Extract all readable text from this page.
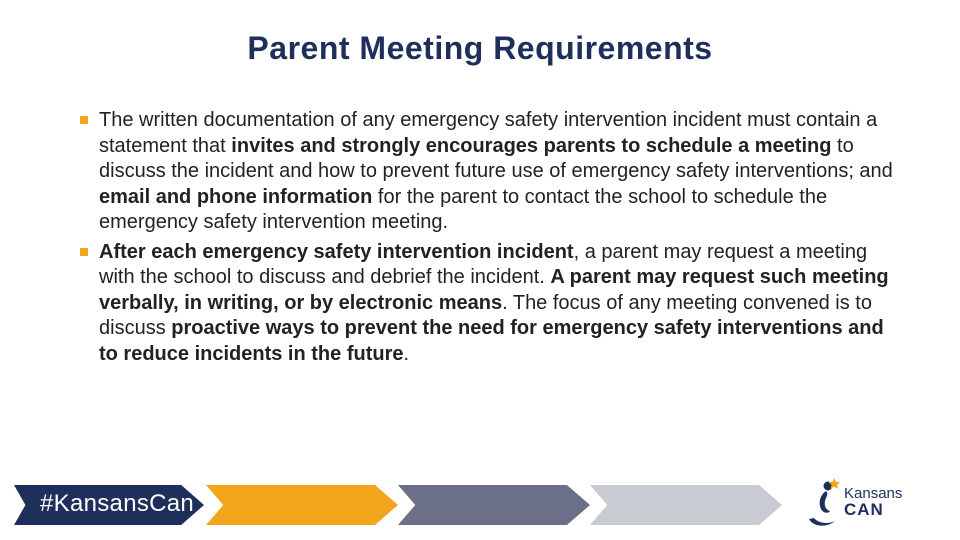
Parent Meeting Requirements
The written documentation of any emergency safety intervention incident must contain a statement that invites and strongly encourages parents to schedule a meeting to discuss the incident and how to prevent future use of emergency safety interventions; and email and phone information for the parent to contact the school to schedule the emergency safety intervention meeting.
After each emergency safety intervention incident, a parent may request a meeting with the school to discuss and debrief the incident. A parent may request such meeting verbally, in writing, or by electronic means. The focus of any meeting convened is to discuss proactive ways to prevent the need for emergency safety interventions and to reduce incidents in the future.
#KansansCan	Kansans
CAN
